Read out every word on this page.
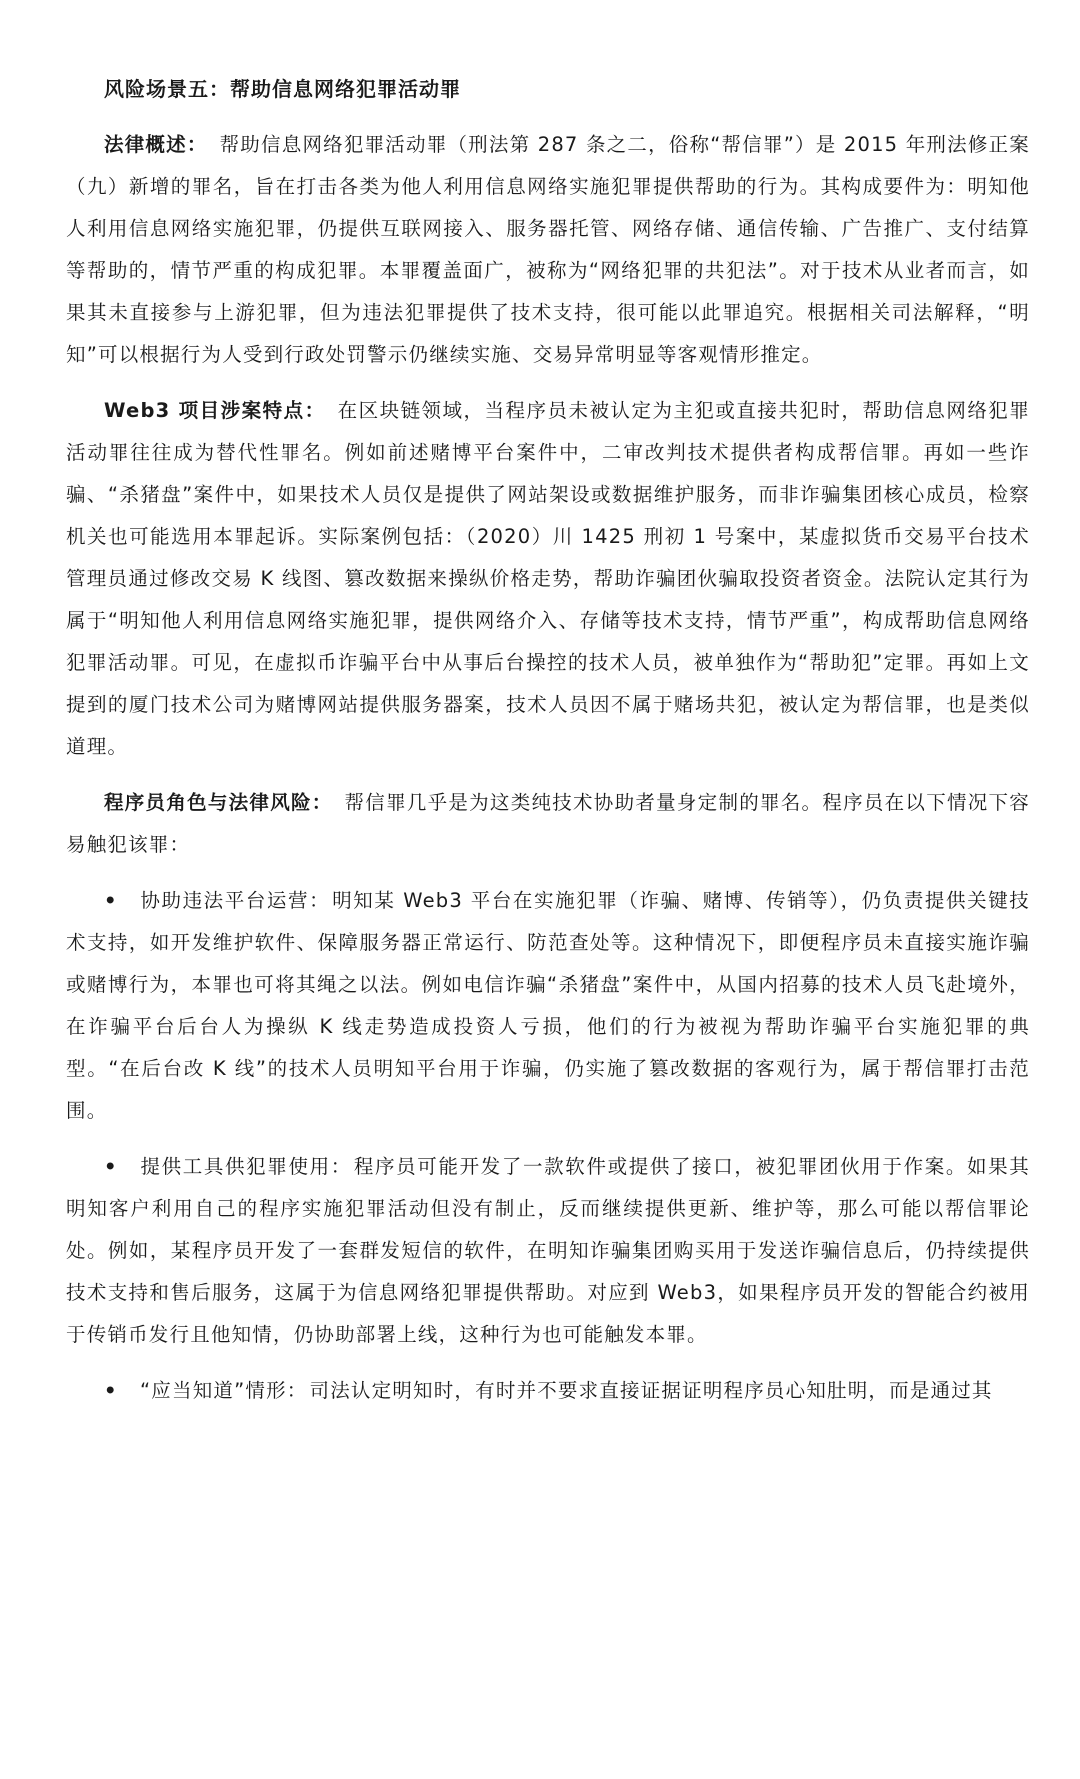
风险场景五：帮助信息网络犯罪活动罪

法律概述： 帮助信息网络犯罪活动罪（刑法第 287 条之二，俗称“帮信罪”）是 2015 年刑法修正案（九）新增的罪名，旨在打击各类为他人利用信息网络实施犯罪提供帮助的行为。其构成要件为：明知他人利用信息网络实施犯罪，仍提供互联网接入、服务器托管、网络存储、通信传输、广告推广、支付结算 等帮助的，情节严重的构成犯罪。本罪覆盖面广，被称为“网络犯罪的共犯法”。对于技术从业者而言，如果其未直接参与上游犯罪，但为违法犯罪提供了技术支持，很可能以此罪追究。根据相关司法解释，“明知”可以根据行为人受到行政处罚警示仍继续实施、交易异常明显等客观情形推定。

Web3 项目涉案特点： 在区块链领域，当程序员未被认定为主犯或直接共犯时，帮助信息网络犯罪活动罪往往成为替代性罪名。例如前述赌博平台案件中，二审改判技术提供者构成帮信罪。再如一些诈骗、“杀猪盘”案件中，如果技术人员仅是提供了网站架设或数据维护服务，而非诈骗集团核心成员，检察机关也可能选用本罪起诉。实际案例包括：（2020）川 1425 刑初 1 号案中，某虚拟货币交易平台技术管理员通过修改交易 K 线图、篡改数据来操纵价格走势，帮助诈骗团伙骗取投资者资金。法院认定其行为属于“明知他人利用信息网络实施犯罪，提供网络介入、存储等技术支持，情节严重”，构成帮助信息网络犯罪活动罪。可见，在虚拟币诈骗平台中从事后台操控的技术人员，被单独作为“帮助犯”定罪。再如上文提到的厦门技术公司为赌博网站提供服务器案，技术人员因不属于赌场共犯，被认定为帮信罪，也是类似道理。

程序员角色与法律风险： 帮信罪几乎是为这类纯技术协助者量身定制的罪名。程序员在以下情况下容易触犯该罪：

• 协助违法平台运营： 明知某 Web3 平台在实施犯罪（诈骗、赌博、传销等），仍负责提供关键技术支持，如开发维护软件、保障服务器正常运行、防范查处等。这种情况下，即便程序员未直接实施诈骗或赌博行为，本罪也可将其绳之以法。例如电信诈骗“杀猪盘”案件中，从国内招募的技术人员飞赴境外，在诈骗平台后台人为操纵 K 线走势造成投资人亏损，他们的行为被视为帮助诈骗平台实施犯罪的典型。“在后台改 K 线”的技术人员明知平台用于诈骗，仍实施了篡改数据的客观行为，属于帮信罪打击范围。

• 提供工具供犯罪使用： 程序员可能开发了一款软件或提供了接口，被犯罪团伙用于作案。如果其明知客户利用自己的程序实施犯罪活动但没有制止，反而继续提供更新、维护等，那么可能以帮信罪论处。例如，某程序员开发了一套群发短信的软件，在明知诈骗集团购买用于发送诈骗信息后，仍持续提供技术支持和售后服务，这属于为信息网络犯罪提供帮助。对应到 Web3，如果程序员开发的智能合约被用于传销币发行且他知情，仍协助部署上线，这种行为也可能触发本罪。

• “应当知道”情形： 司法认定明知时，有时并不要求直接证据证明程序员心知肚明，而是通过其
